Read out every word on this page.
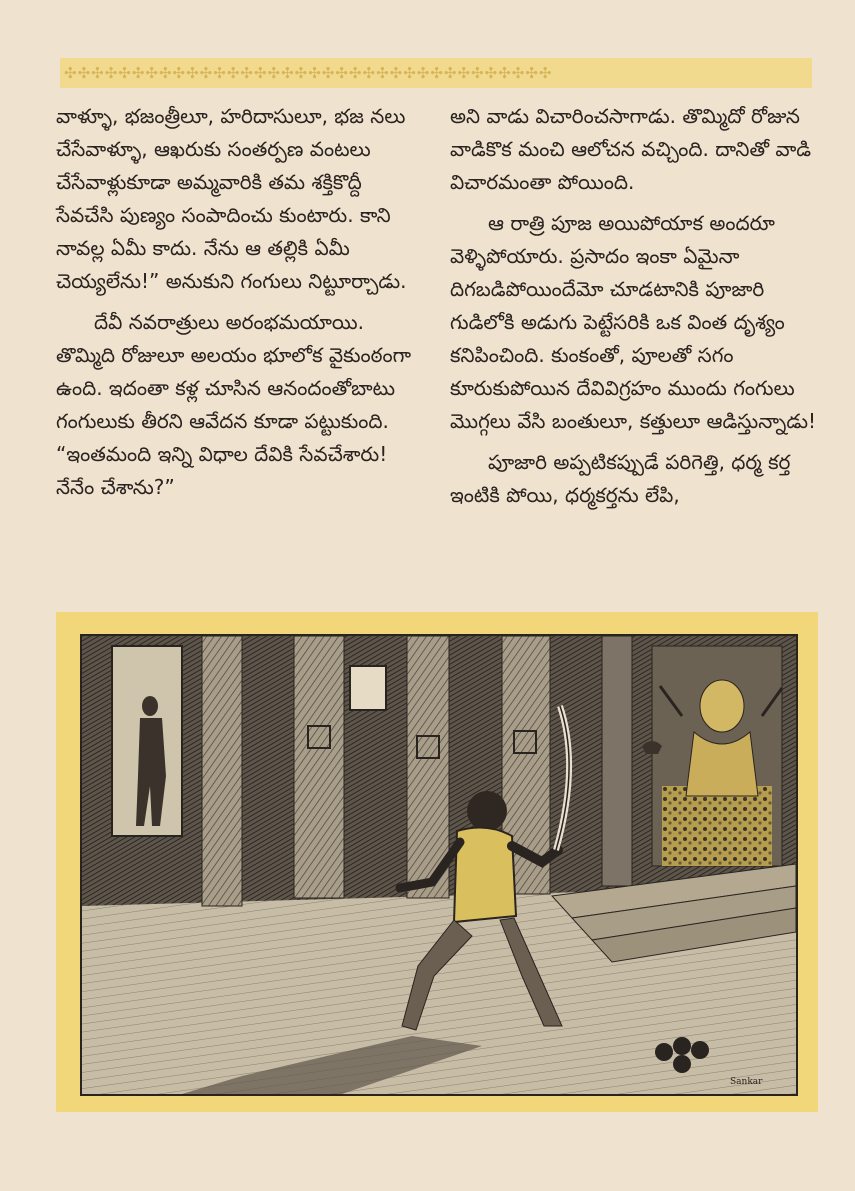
✣✣✣✣✣✣✣✣✣✣✣✣✣✣✣✣✣✣✣✣✣✣✣✣✣✣✣✣✣✣✣✣✣✣✣✣

వాళ్ళూ, భజంత్రీలూ, హరిదాసులూ, భజ నలు చేసేవాళ్ళూ, ఆఖరుకు సంతర్పణ వంటలు చేసేవాళ్లుకూడా అమ్మవారికి తమ శక్తికొద్దీ సేవచేసి పుణ్యం సంపాదించు కుంటారు. కాని నావల్ల ఏమీ కాదు. నేను ఆ తల్లికి ఏమీ చెయ్యలేను!” అనుకుని గంగులు నిట్టూర్చాడు.

దేవీ నవరాత్రులు అరంభమయాయి. తొమ్మిది రోజులూ అలయం భూలోక వైకుంఠంగా ఉంది. ఇదంతా కళ్ల చూసిన ఆనందంతోబాటు గంగులుకు తీరని ఆవేదన కూడా పట్టుకుంది. “ఇంతమంది ఇన్ని విధాల దేవికి సేవచేశారు! నేనేం చేశాను?”

అని వాడు విచారించసాగాడు. తొమ్మిదో రోజున వాడికొక మంచి ఆలోచన వచ్చింది. దానితో వాడి విచారమంతా పోయింది.

ఆ రాత్రి పూజ అయిపోయాక అందరూ వెళ్ళిపోయారు. ప్రసాదం ఇంకా ఏమైనా దిగబడిపోయిందేమో చూడటానికి పూజారి గుడిలోకి అడుగు పెట్టేసరికి ఒక వింత దృశ్యం కనిపించింది. కుంకంతో, పూలతో సగం కూరుకుపోయిన దేవివిగ్రహం ముందు గంగులు మొగ్గలు వేసి బంతులూ, కత్తులూ ఆడిస్తున్నాడు!

పూజారి అప్పటికప్పుడే పరిగెత్తి, ధర్మ కర్త ఇంటికి పోయి, ధర్మకర్తను లేపి,

Sankar
